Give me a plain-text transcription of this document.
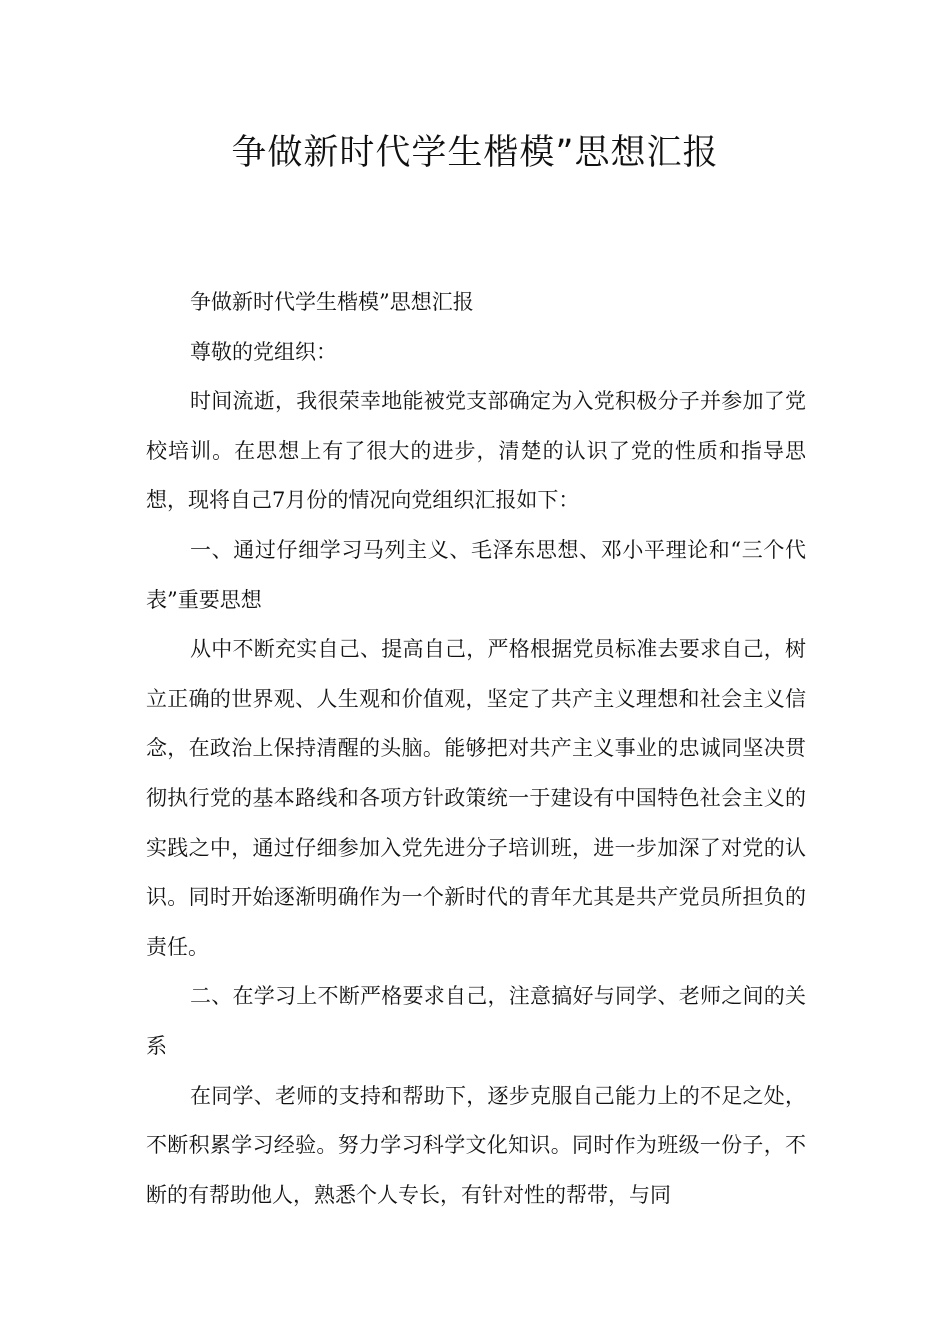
争做新时代学生楷模”思想汇报

争做新时代学生楷模”思想汇报

尊敬的党组织：

时间流逝，我很荣幸地能被党支部确定为入党积极分子并参加了党校培训。在思想上有了很大的进步，清楚的认识了党的性质和指导思想，现将自己7月份的情况向党组织汇报如下：

一、通过仔细学习马列主义、毛泽东思想、邓小平理论和“三个代表”重要思想

从中不断充实自己、提高自己，严格根据党员标准去要求自己，树立正确的世界观、人生观和价值观，坚定了共产主义理想和社会主义信念，在政治上保持清醒的头脑。能够把对共产主义事业的忠诚同坚决贯彻执行党的基本路线和各项方针政策统一于建设有中国特色社会主义的实践之中，通过仔细参加入党先进分子培训班，进一步加深了对党的认识。同时开始逐渐明确作为一个新时代的青年尤其是共产党员所担负的责任。

二、在学习上不断严格要求自己，注意搞好与同学、老师之间的关系

在同学、老师的支持和帮助下，逐步克服自己能力上的不足之处，不断积累学习经验。努力学习科学文化知识。同时作为班级一份子，不断的有帮助他人，熟悉个人专长，有针对性的帮带，与同
